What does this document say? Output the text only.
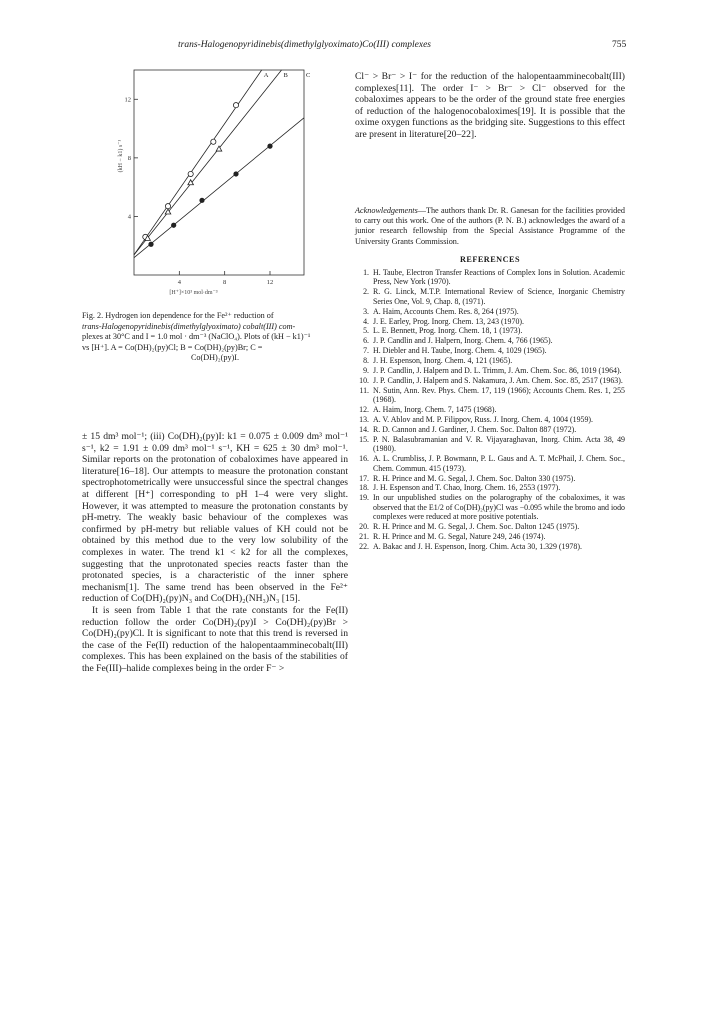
trans-Halogenopyridinebis(dimethylglyoximato)Co(III) complexes	755
4	8	12
4
8
12
[H⁺]×10³ mol·dm⁻³
(kH − k1) s⁻¹
A B	C
Fig. 2. Hydrogen ion dependence for the Fe²⁺ reduction of
trans-Halogenopyridinebis(dimethylglyoximato) cobalt(III) com-
plexes at 30°C and I = 1.0 mol · dm⁻³ (NaClO₄). Plots of (kH − k1)⁻¹
vs [H⁺]. A = Co(DH)₂(py)Cl; B = Co(DH)₂(py)Br; C =
Co(DH)₂(py)I.

± 15 dm³ mol⁻¹; (iii) Co(DH)₂(py)I: k1 = 0.075 ± 0.009 dm³ mol⁻¹ s⁻¹, k2 = 1.91 ± 0.09 dm³ mol⁻¹ s⁻¹, KH = 625 ± 30 dm³ mol⁻¹. Similar reports on the protonation of cobaloximes have appeared in literature[16–18]. Our attempts to measure the protonation constant spectrophotometrically were unsuccessful since the spectral changes at different [H⁺] corresponding to pH 1–4 were very slight. However, it was attempted to measure the protonation constants by pH-metry. The weakly basic behaviour of the complexes was confirmed by pH-metry but reliable values of KH could not be obtained by this method due to the very low solubility of the complexes in water. The trend k1 < k2 for all the complexes, suggesting that the unprotonated species reacts faster than the protonated species, is a characteristic of the inner sphere mechanism[1]. The same trend has been observed in the Fe²⁺ reduction of Co(DH)₂(py)N₃ and Co(DH)₂(NH₃)N₃ [15].

It is seen from Table 1 that the rate constants for the Fe(II) reduction follow the order Co(DH)₂(py)I > Co(DH)₂(py)Br > Co(DH)₂(py)Cl. It is significant to note that this trend is reversed in the case of the Fe(II) reduction of the halopentaamminecobalt(III) complexes. This has been explained on the basis of the stabilities of the Fe(III)–halide complexes being in the order F⁻ >

Cl⁻ > Br⁻ > I⁻ for the reduction of the halopentaamminecobalt(III) complexes[11]. The order I⁻ > Br⁻ > Cl⁻ observed for the cobaloximes appears to be the order of the ground state free energies of reduction of the halogenocobaloximes[19]. It is possible that the oxime oxygen functions as the bridging site. Suggestions to this effect are present in literature[20–22].

Acknowledgements—The authors thank Dr. R. Ganesan for the facilities provided to carry out this work. One of the authors (P. N. B.) acknowledges the award of a junior research fellowship from the Special Assistance Programme of the University Grants Commission.
REFERENCES
1. H. Taube, Electron Transfer Reactions of Complex Ions in Solution. Academic Press, New York (1970).
2. R. G. Linck, M.T.P. International Review of Science, Inorganic Chemistry Series One, Vol. 9, Chap. 8, (1971).
3. A. Haim, Accounts Chem. Res. 8, 264 (1975).
4. J. E. Earley, Prog. Inorg. Chem. 13, 243 (1970).
5. L. E. Bennett, Prog. Inorg. Chem. 18, 1 (1973).
6. J. P. Candlin and J. Halpern, Inorg. Chem. 4, 766 (1965).
7. H. Diebler and H. Taube, Inorg. Chem. 4, 1029 (1965).
8. J. H. Espenson, Inorg. Chem. 4, 121 (1965).
9. J. P. Candlin, J. Halpern and D. L. Trimm, J. Am. Chem. Soc. 86, 1019 (1964).
10. J. P. Candlin, J. Halpern and S. Nakamura, J. Am. Chem. Soc. 85, 2517 (1963).
11. N. Sutin, Ann. Rev. Phys. Chem. 17, 119 (1966); Accounts Chem. Res. 1, 255 (1968).
12. A. Haim, Inorg. Chem. 7, 1475 (1968).
13. A. V. Ablov and M. P. Filippov, Russ. J. Inorg. Chem. 4, 1004 (1959).
14. R. D. Cannon and J. Gardiner, J. Chem. Soc. Dalton 887 (1972).
15. P. N. Balasubramanian and V. R. Vijayaraghavan, Inorg. Chim. Acta 38, 49 (1980).
16. A. L. Crumbliss, J. P. Bowmann, P. L. Gaus and A. T. McPhail, J. Chem. Soc., Chem. Commun. 415 (1973).
17. R. H. Prince and M. G. Segal, J. Chem. Soc. Dalton 330 (1975).
18. J. H. Espenson and T. Chao, Inorg. Chem. 16, 2553 (1977).
19. In our unpublished studies on the polarography of the cobaloximes, it was observed that the E1/2 of Co(DH)₂(py)Cl was −0.095 while the bromo and iodo complexes were reduced at more positive potentials.
20. R. H. Prince and M. G. Segal, J. Chem. Soc. Dalton 1245 (1975).
21. R. H. Prince and M. G. Segal, Nature 249, 246 (1974).
22. A. Bakac and J. H. Espenson, Inorg. Chim. Acta 30, 1.329 (1978).
